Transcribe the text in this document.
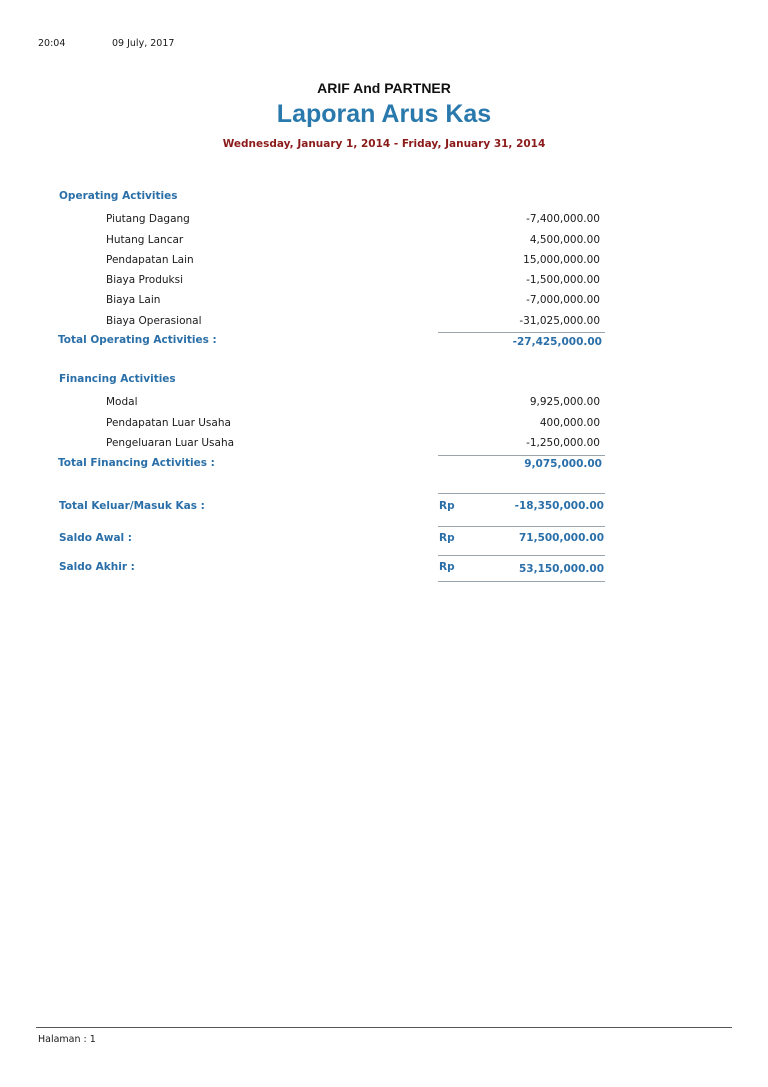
20:04	09 July, 2017
ARIF And PARTNER
Laporan Arus Kas
Wednesday, January 1, 2014 - Friday, January 31, 2014
Operating Activities
Piutang Dagang	-7,400,000.00
Hutang Lancar	4,500,000.00
Pendapatan Lain	15,000,000.00
Biaya Produksi	-1,500,000.00
Biaya Lain	-7,000,000.00
Biaya Operasional	-31,025,000.00
Total Operating Activities :	-27,425,000.00
Financing Activities
Modal	9,925,000.00
Pendapatan Luar Usaha	400,000.00
Pengeluaran Luar Usaha	-1,250,000.00
Total Financing Activities :	9,075,000.00
Total Keluar/Masuk Kas :	Rp	-18,350,000.00
Saldo Awal :	Rp	71,500,000.00
Saldo Akhir :	Rp	53,150,000.00
Halaman : 1
